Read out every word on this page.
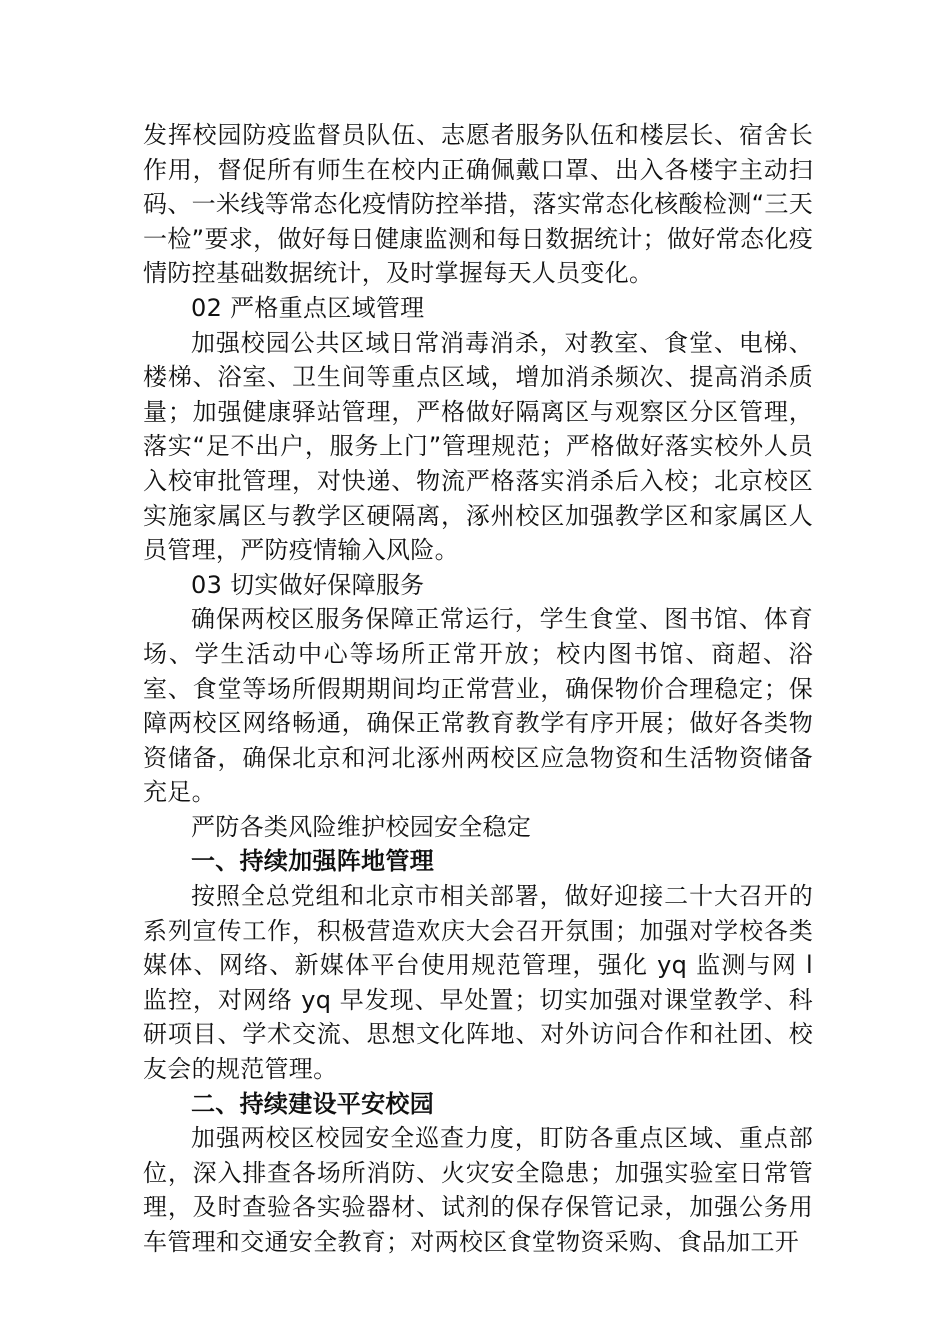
发挥校园防疫监督员队伍、志愿者服务队伍和楼层长、宿舍长作用，督促所有师生在校内正确佩戴口罩、出入各楼宇主动扫码、一米线等常态化疫情防控举措，落实常态化核酸检测“三天一检”要求，做好每日健康监测和每日数据统计；做好常态化疫情防控基础数据统计，及时掌握每天人员变化。

02 严格重点区域管理

加强校园公共区域日常消毒消杀，对教室、食堂、电梯、楼梯、浴室、卫生间等重点区域，增加消杀频次、提高消杀质量；加强健康驿站管理，严格做好隔离区与观察区分区管理，落实“足不出户，服务上门”管理规范；严格做好落实校外人员入校审批管理，对快递、物流严格落实消杀后入校；北京校区实施家属区与教学区硬隔离，涿州校区加强教学区和家属区人员管理，严防疫情输入风险。

03 切实做好保障服务

确保两校区服务保障正常运行，学生食堂、图书馆、体育场、学生活动中心等场所正常开放；校内图书馆、商超、浴室、食堂等场所假期期间均正常营业，确保物价合理稳定；保障两校区网络畅通，确保正常教育教学有序开展；做好各类物资储备，确保北京和河北涿州两校区应急物资和生活物资储备充足。

严防各类风险维护校园安全稳定

一、持续加强阵地管理

按照全总党组和北京市相关部署，做好迎接二十大召开的系列宣传工作，积极营造欢庆大会召开氛围；加强对学校各类媒体、网络、新媒体平台使用规范管理，强化 yq 监测与网 l 监控，对网络 yq 早发现、早处置；切实加强对课堂教学、科研项目、学术交流、思想文化阵地、对外访问合作和社团、校友会的规范管理。

二、持续建设平安校园

加强两校区校园安全巡查力度，盯防各重点区域、重点部位，深入排查各场所消防、火灾安全隐患；加强实验室日常管理，及时查验各实验器材、试剂的保存保管记录，加强公务用车管理和交通安全教育；对两校区食堂物资采购、食品加工开
